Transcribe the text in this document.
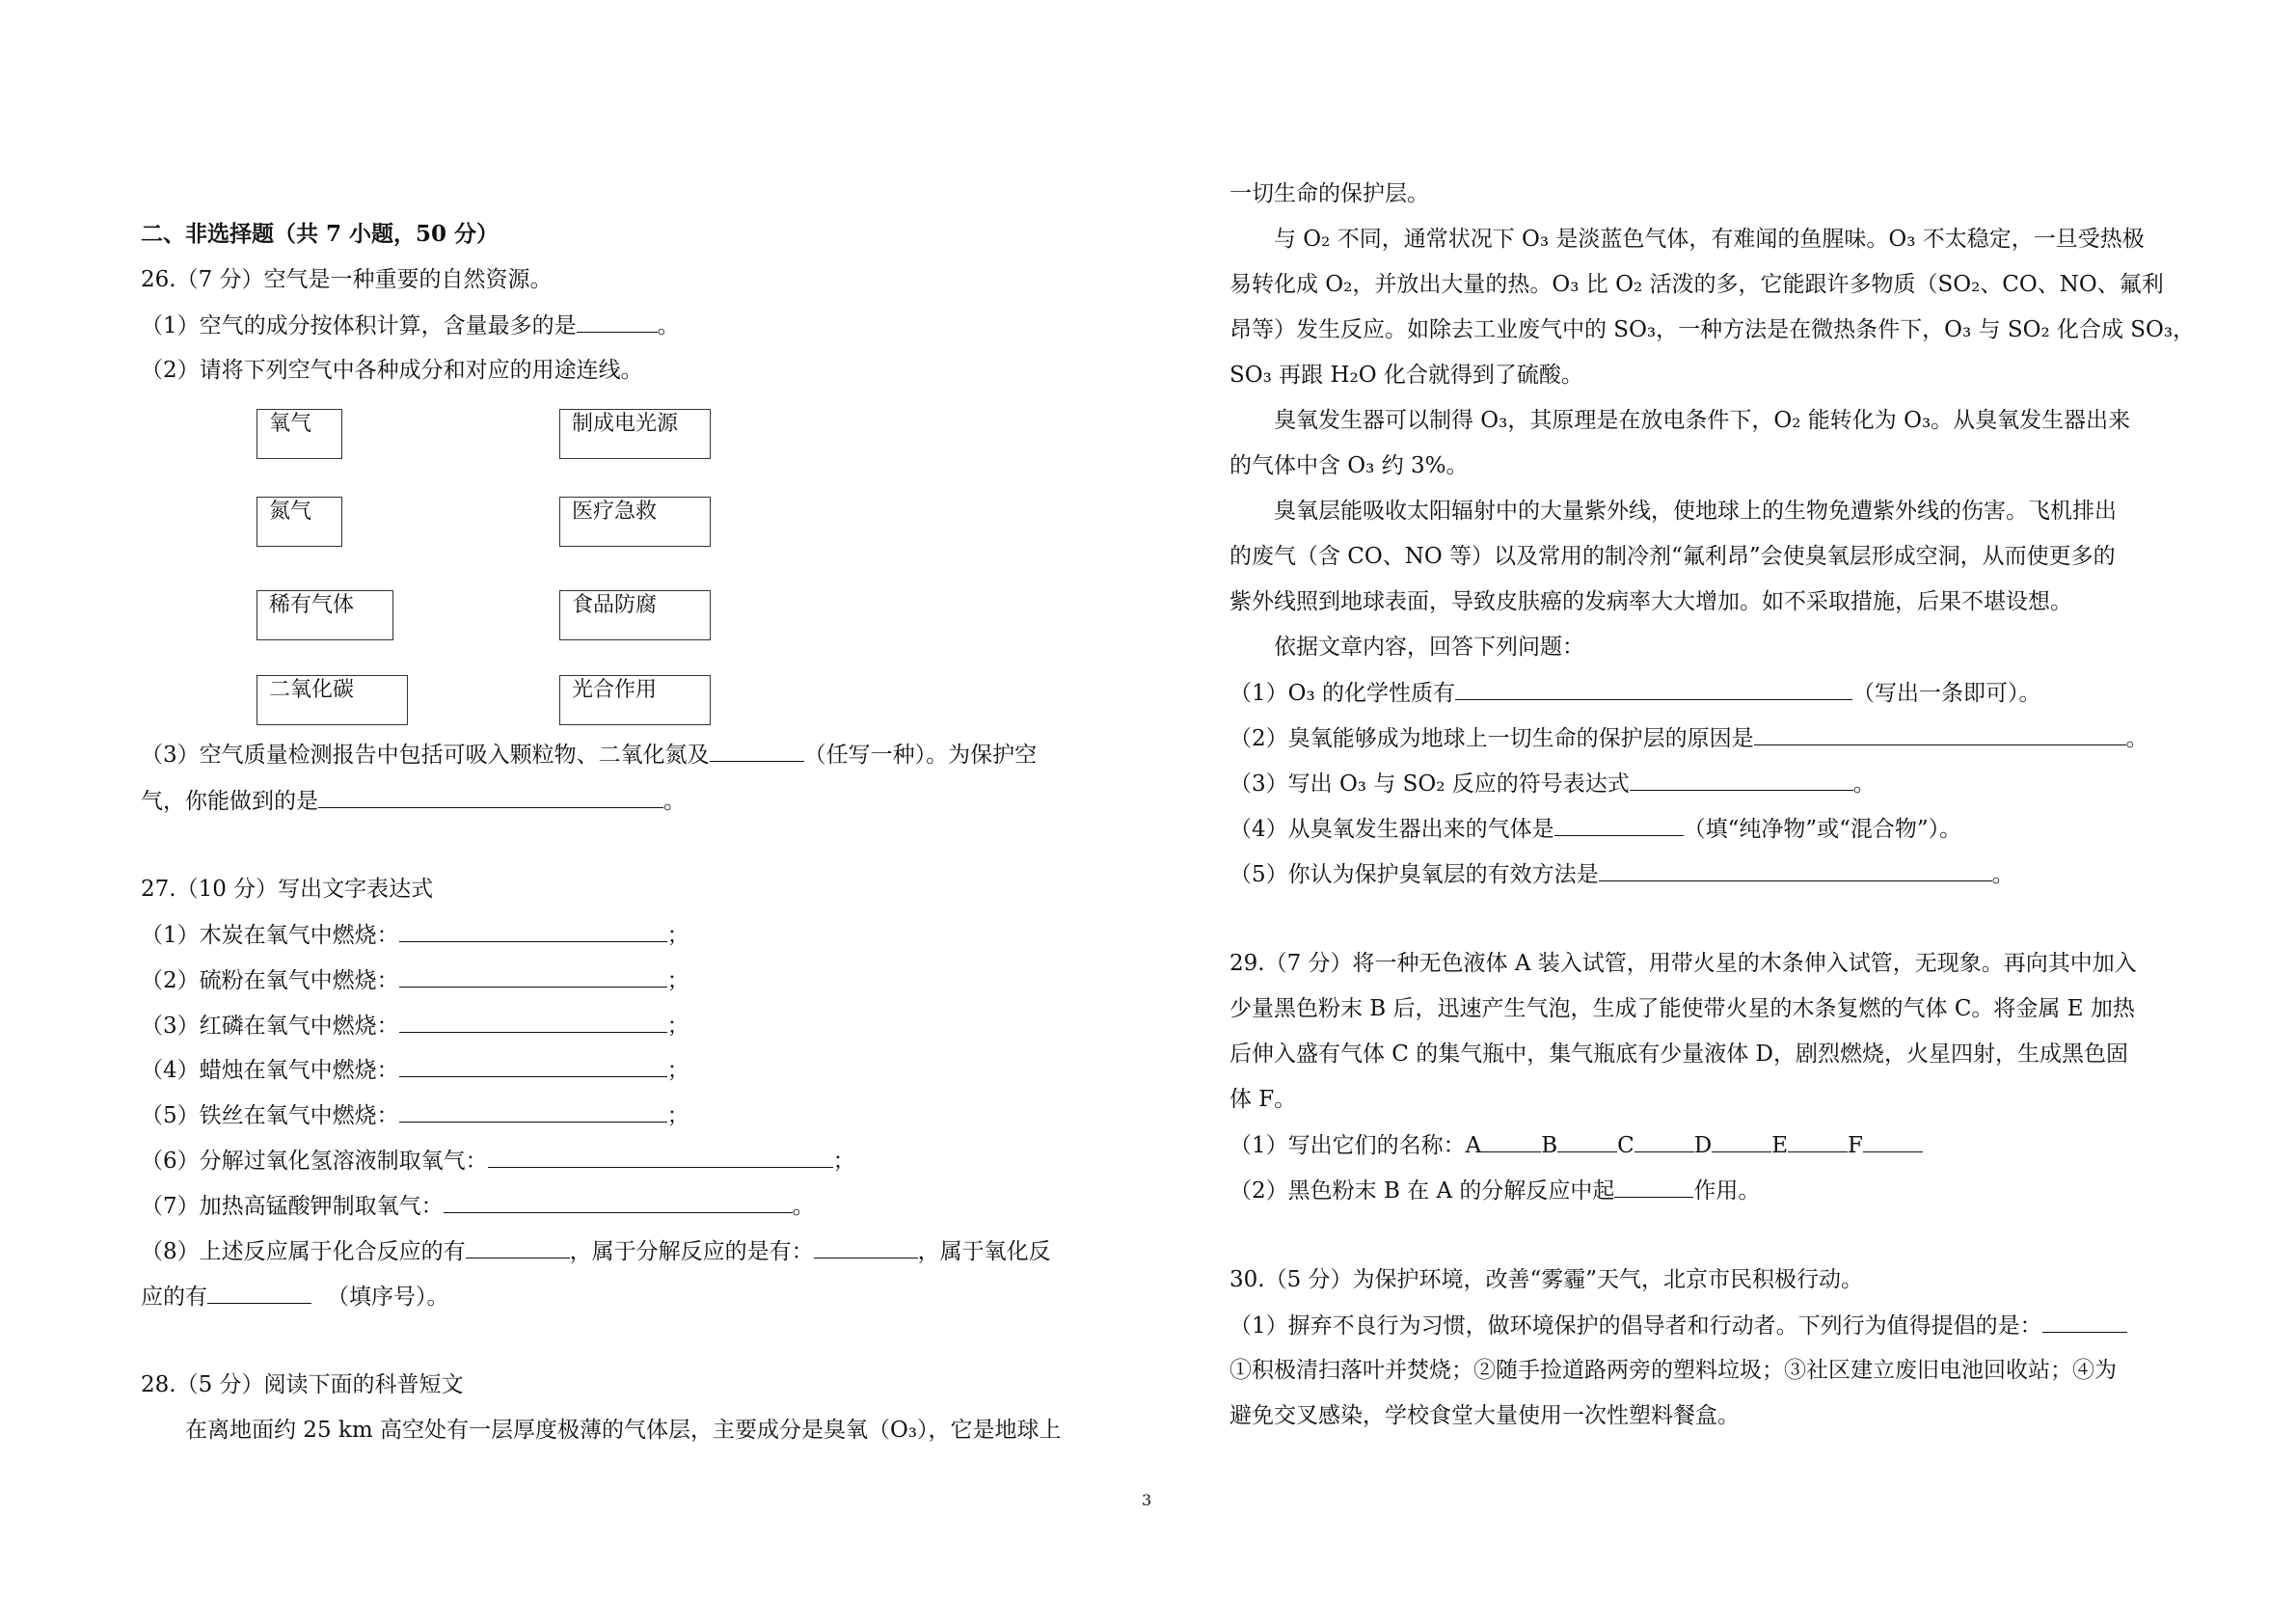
二、非选择题（共 7 小题，50 分）
26.（7 分）空气是一种重要的自然资源。
（1）空气的成分按体积计算，含量最多的是	。
（2）请将下列空气中各种成分和对应的用途连线。
氧气
氮气
稀有气体
二氧化碳
制成电光源
医疗急救
食品防腐
光合作用
（3）空气质量检测报告中包括可吸入颗粒物、二氧化氮及	（任写一种）。为保护空
气，你能做到的是	。
27.（10 分）写出文字表达式
（1）木炭在氧气中燃烧：	；
（2）硫粉在氧气中燃烧：	；
（3）红磷在氧气中燃烧：	；
（4）蜡烛在氧气中燃烧：	；
（5）铁丝在氧气中燃烧：	；
（6）分解过氧化氢溶液制取氧气：	；
（7）加热高锰酸钾制取氧气：	。
（8）上述反应属于化合反应的有	，属于分解反应的是有：	，属于氧化反
应的有	（填序号）。
28.（5 分）阅读下面的科普短文
在离地面约 25 km 高空处有一层厚度极薄的气体层，主要成分是臭氧（O₃），它是地球上
一切生命的保护层。
与 O₂ 不同，通常状况下 O₃ 是淡蓝色气体，有难闻的鱼腥味。O₃ 不太稳定，一旦受热极
易转化成 O₂，并放出大量的热。O₃ 比 O₂ 活泼的多，它能跟许多物质（SO₂、CO、NO、氟利
昂等）发生反应。如除去工业废气中的 SO₃，一种方法是在微热条件下，O₃ 与 SO₂ 化合成 SO₃，
SO₃ 再跟 H₂O 化合就得到了硫酸。
臭氧发生器可以制得 O₃，其原理是在放电条件下，O₂ 能转化为 O₃。从臭氧发生器出来
的气体中含 O₃ 约 3%。
臭氧层能吸收太阳辐射中的大量紫外线，使地球上的生物免遭紫外线的伤害。飞机排出
的废气（含 CO、NO 等）以及常用的制冷剂“氟利昂”会使臭氧层形成空洞，从而使更多的
紫外线照到地球表面，导致皮肤癌的发病率大大增加。如不采取措施，后果不堪设想。
依据文章内容，回答下列问题：
（1）O₃ 的化学性质有	（写出一条即可）。
（2）臭氧能够成为地球上一切生命的保护层的原因是	。
（3）写出 O₃ 与 SO₂ 反应的符号表达式	。
（4）从臭氧发生器出来的气体是	（填“纯净物”或“混合物”）。
（5）你认为保护臭氧层的有效方法是	。
29.（7 分）将一种无色液体 A 装入试管，用带火星的木条伸入试管，无现象。再向其中加入
少量黑色粉末 B 后，迅速产生气泡，生成了能使带火星的木条复燃的气体 C。将金属 E 加热
后伸入盛有气体 C 的集气瓶中，集气瓶底有少量液体 D，剧烈燃烧，火星四射，生成黑色固
体 F。
（1）写出它们的名称：A	B	C	D	E	F
（2）黑色粉末 B 在 A 的分解反应中起	作用。
30.（5 分）为保护环境，改善“雾霾”天气，北京市民积极行动。
（1）摒弃不良行为习惯，做环境保护的倡导者和行动者。下列行为值得提倡的是：
①积极清扫落叶并焚烧；②随手捡道路两旁的塑料垃圾；③社区建立废旧电池回收站；④为
避免交叉感染，学校食堂大量使用一次性塑料餐盒。
3
